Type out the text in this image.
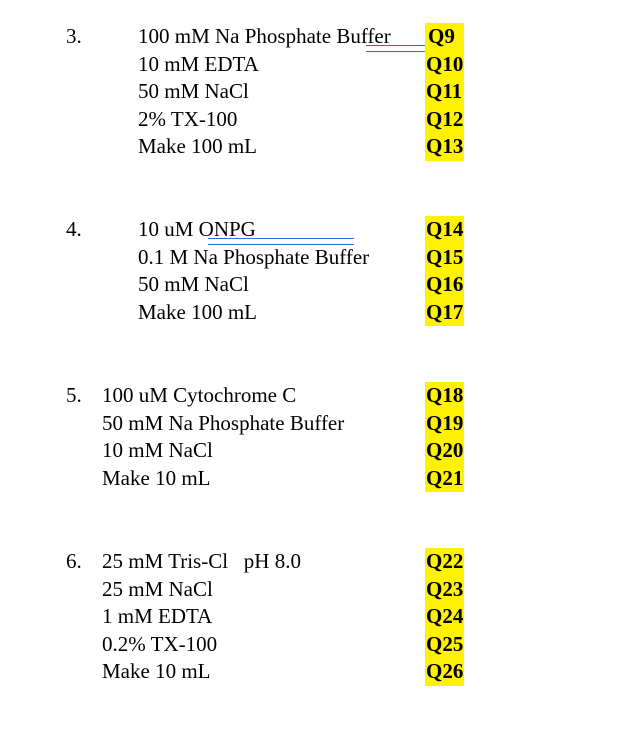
3.	100 mM Na Phosphate Buffer
10 mM EDTA
50 mM NaCl
2% TX-100
Make 100 mL
Q9
Q10
Q11
Q12
Q13
4.	10 uM ONPG
0.1 M Na Phosphate Buffer
50 mM NaCl
Make 100 mL
Q14
Q15
Q16
Q17
5. 100 uM Cytochrome C
50 mM Na Phosphate Buffer
10 mM NaCl
Make 10 mL
Q18
Q19
Q20
Q21
6. 25 mM Tris-Cl   pH 8.0
25 mM NaCl
1 mM EDTA
0.2% TX-100
Make 10 mL
Q22
Q23
Q24
Q25
Q26
